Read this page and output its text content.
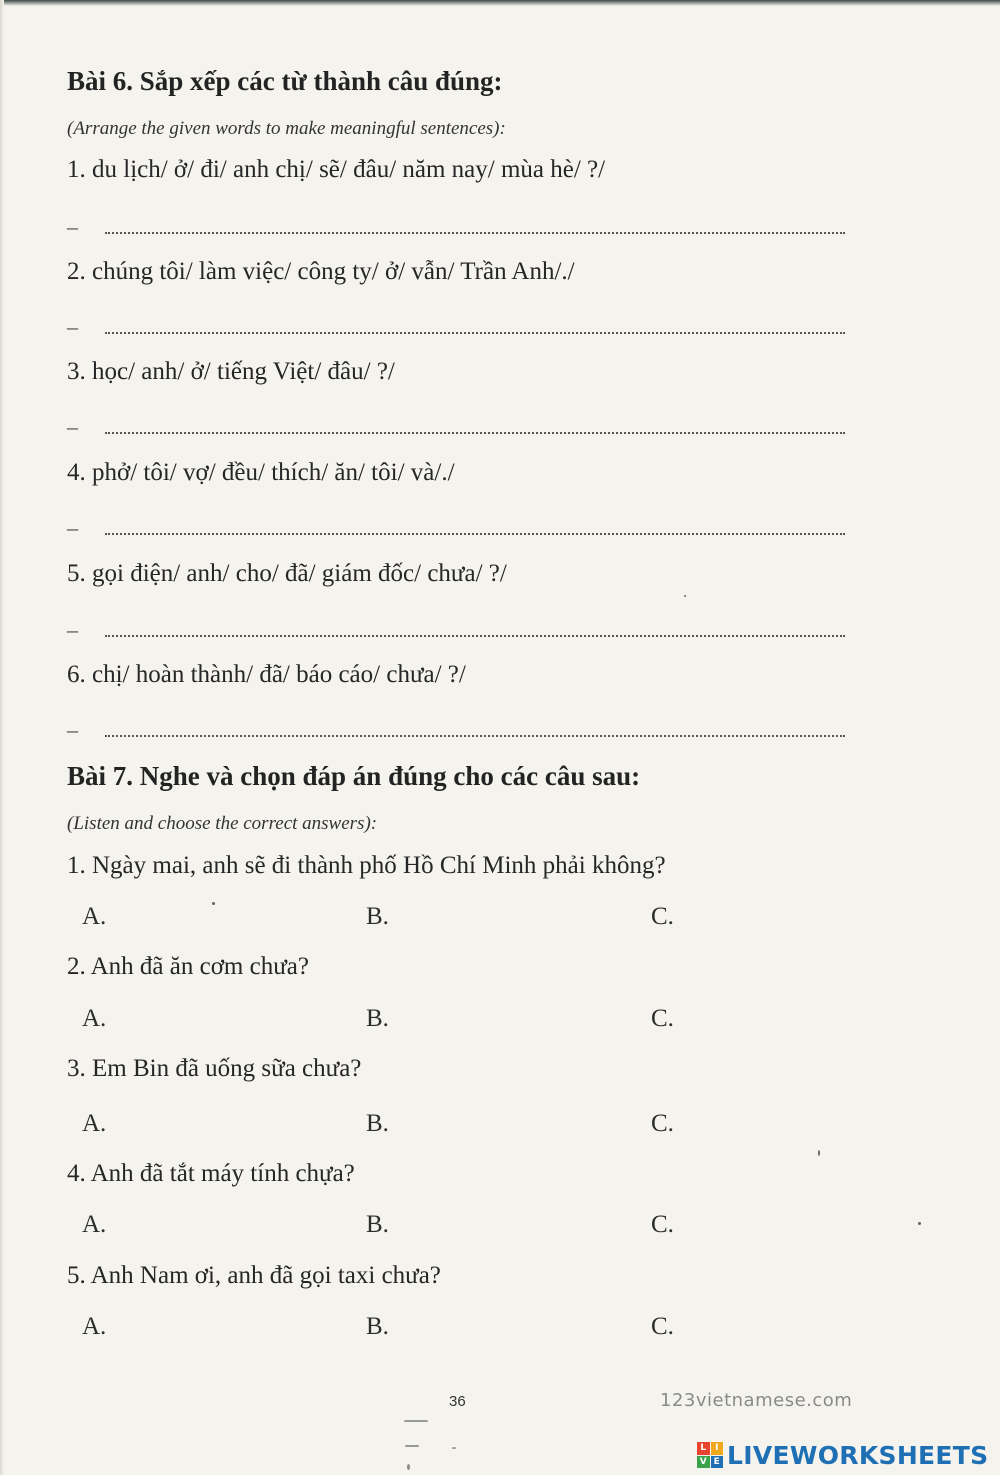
Bài 6. Sắp xếp các từ thành câu đúng:
(Arrange the given words to make meaningful sentences):
1. du lịch/ ở/ đi/ anh chị/ sẽ/ đâu/ năm nay/ mùa hè/ ?/
–
2. chúng tôi/ làm việc/ công ty/ ở/ vẫn/ Trần Anh/./
–
3. học/ anh/ ở/ tiếng Việt/ đâu/ ?/
–
4. phở/ tôi/ vợ/ đều/ thích/ ăn/ tôi/ và/./
–
5. gọi điện/ anh/ cho/ đã/ giám đốc/ chưa/ ?/
–
6. chị/ hoàn thành/ đã/ báo cáo/ chưa/ ?/
–
Bài 7. Nghe và chọn đáp án đúng cho các câu sau:
(Listen and choose the correct answers):
1. Ngày mai, anh sẽ đi thành phố Hồ Chí Minh phải không?
A.	B.	C.
2. Anh đã ăn cơm chưa?
A.	B.	C.
3. Em Bin đã uống sữa chưa?
A.	B.	C.
4. Anh đã tắt máy tính chựa?
A.	B.	C.
5. Anh Nam ơi, anh đã gọi taxi chưa?
A.	B.	C.
36	123vietnamese.com
L I
V E LIVEWORKSHEETS
